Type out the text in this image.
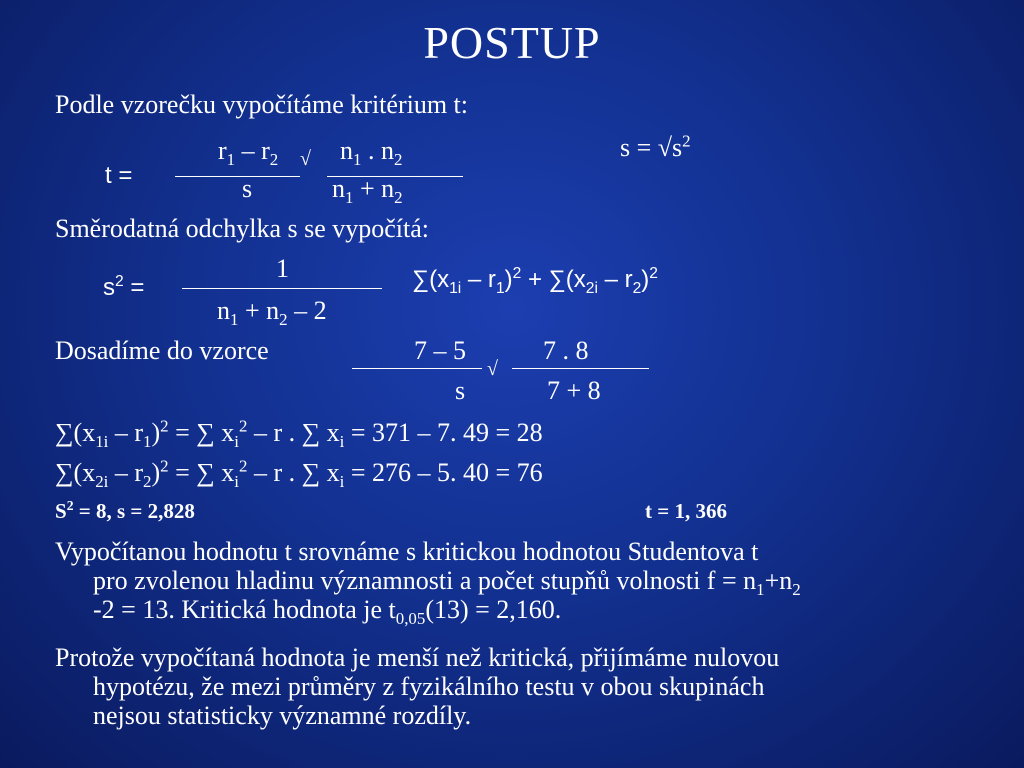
POSTUP
Podle vzorečku vypočítáme kritérium t:
t =
$r_1 - r_2$
s
√ $n_1$ . $n_2$
$n_1 + n_2$
$s = √s^2$
Směrodatná odchylka s se vypočítá:
$s^2$ =
1
$n_1 + n_2 - 2$
$\sum(x_{1i} - r_1)^2 + \sum(x_{2i} - r_2)^2$
Dosadíme do vzorce	7 – 5
s
√
7 . 8
7 + 8
$\sum(x_{1i} - r_1)^2$ = ∑ $x_i^2$ – r . ∑ $x_i = 371 - 7$. 49 = 28
$\sum(x_{2i} - r_2)^2$ = ∑ $x_i^2$ – r . ∑ $x_i = 276 - 5$. 40 = 76
$S^2 = 8$, s = 2,828	t = 1, 366
Vypočítanou hodnotu t srovnáme s kritickou hodnotou Studentova t
pro zvolenou hladinu významnosti a počet stupňů volnosti $f = n_1+n_2$
-2 = 13. Kritická hodnota je $t_{0,05}(13) = 2,160$.
Protože vypočítaná hodnota je menší než kritická, přijímáme nulovou
hypotézu, že mezi průměry z fyzikálního testu v obou skupinách
nejsou statisticky významné rozdíly.
